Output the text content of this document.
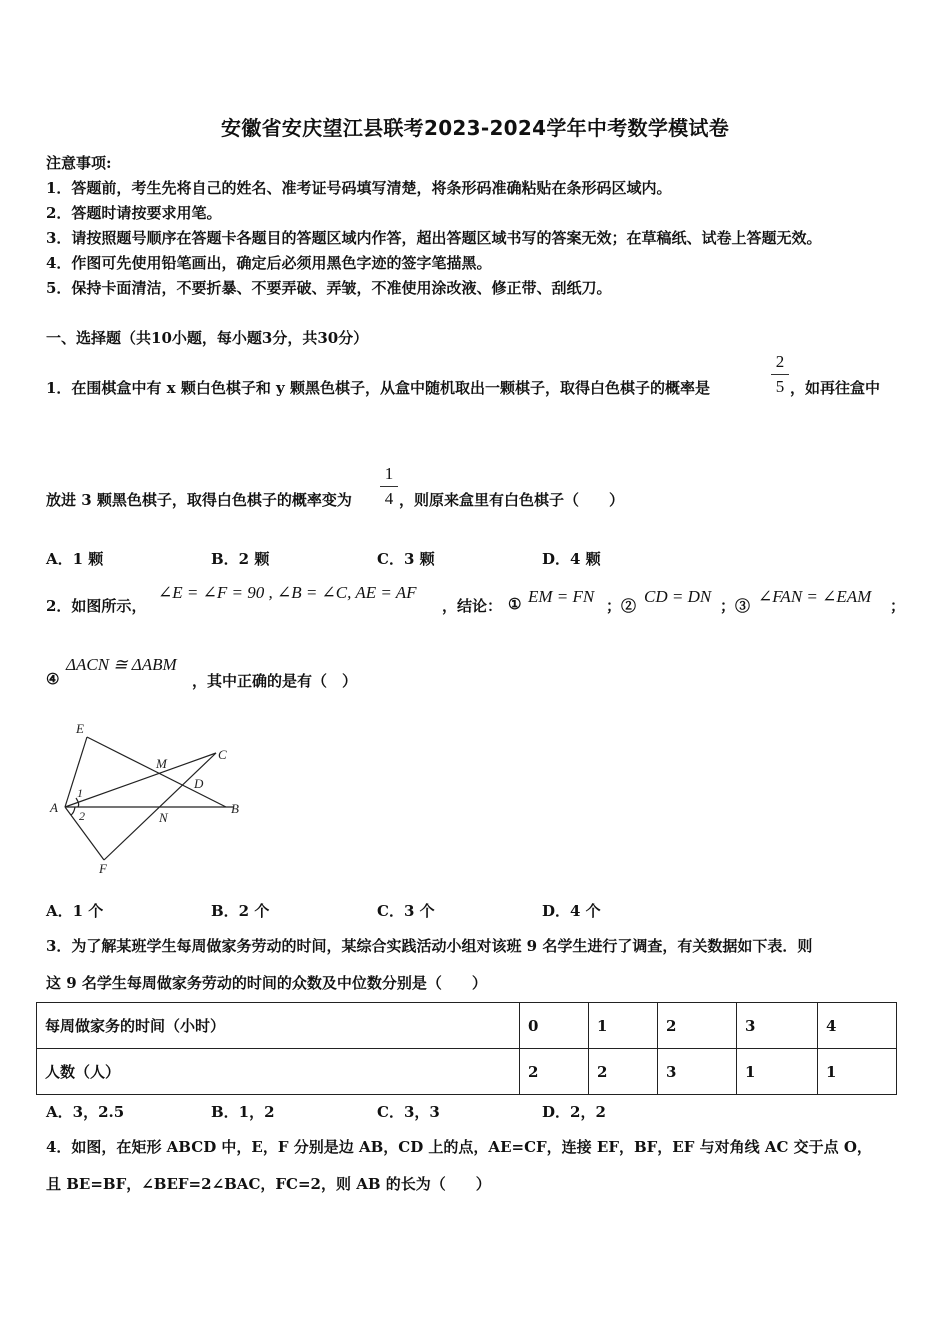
安徽省安庆望江县联考2023-2024学年中考数学模试卷
注意事项:
1．答题前，考生先将自己的姓名、准考证号码填写清楚，将条形码准确粘贴在条形码区域内。
2．答题时请按要求用笔。
3．请按照题号顺序在答题卡各题目的答题区域内作答，超出答题区域书写的答案无效；在草稿纸、试卷上答题无效。
4．作图可先使用铅笔画出，确定后必须用黑色字迹的签字笔描黑。
5．保持卡面清洁，不要折暴、不要弄破、弄皱，不准使用涂改液、修正带、刮纸刀。
一、选择题（共10小题，每小题3分，共30分）
1．在围棋盒中有 x 颗白色棋子和 y 颗黑色棋子，从盒中随机取出一颗棋子，取得白色棋子的概率是
2
5 ，如再往盒中
放进 3 颗黑色棋子，取得白色棋子的概率变为
1
4 ，则原来盒里有白色棋子（　　）
A．1 颗	B．2 颗	C．3 颗	D．4 颗
2．如图所示，
∠E = ∠F = 90 , ∠B = ∠C, AE = AF
，结论： ① EM = FN ；② CD = DN ；③ ∠FAN = ∠EAM ；
④
ΔACN ≅ ΔABM
，其中正确的是有（　）
E
M
C
D
A	B
N
F
1
2
A．1 个	B．2 个	C．3 个	D．4 个
3．为了解某班学生每周做家务劳动的时间，某综合实践活动小组对该班 9 名学生进行了调查，有关数据如下表．则
这 9 名学生每周做家务劳动的时间的众数及中位数分别是（　　）
每周做家务的时间（小时）	0	1	2	3	4
人数（人）	2	2	3	1	1
A．3，2.5	B．1，2	C．3，3	D．2，2
4．如图，在矩形 ABCD 中，E，F 分别是边 AB，CD 上的点，AE=CF，连接 EF，BF，EF 与对角线 AC 交于点 O，
且 BE=BF，∠BEF=2∠BAC，FC=2，则 AB 的长为（　　）
